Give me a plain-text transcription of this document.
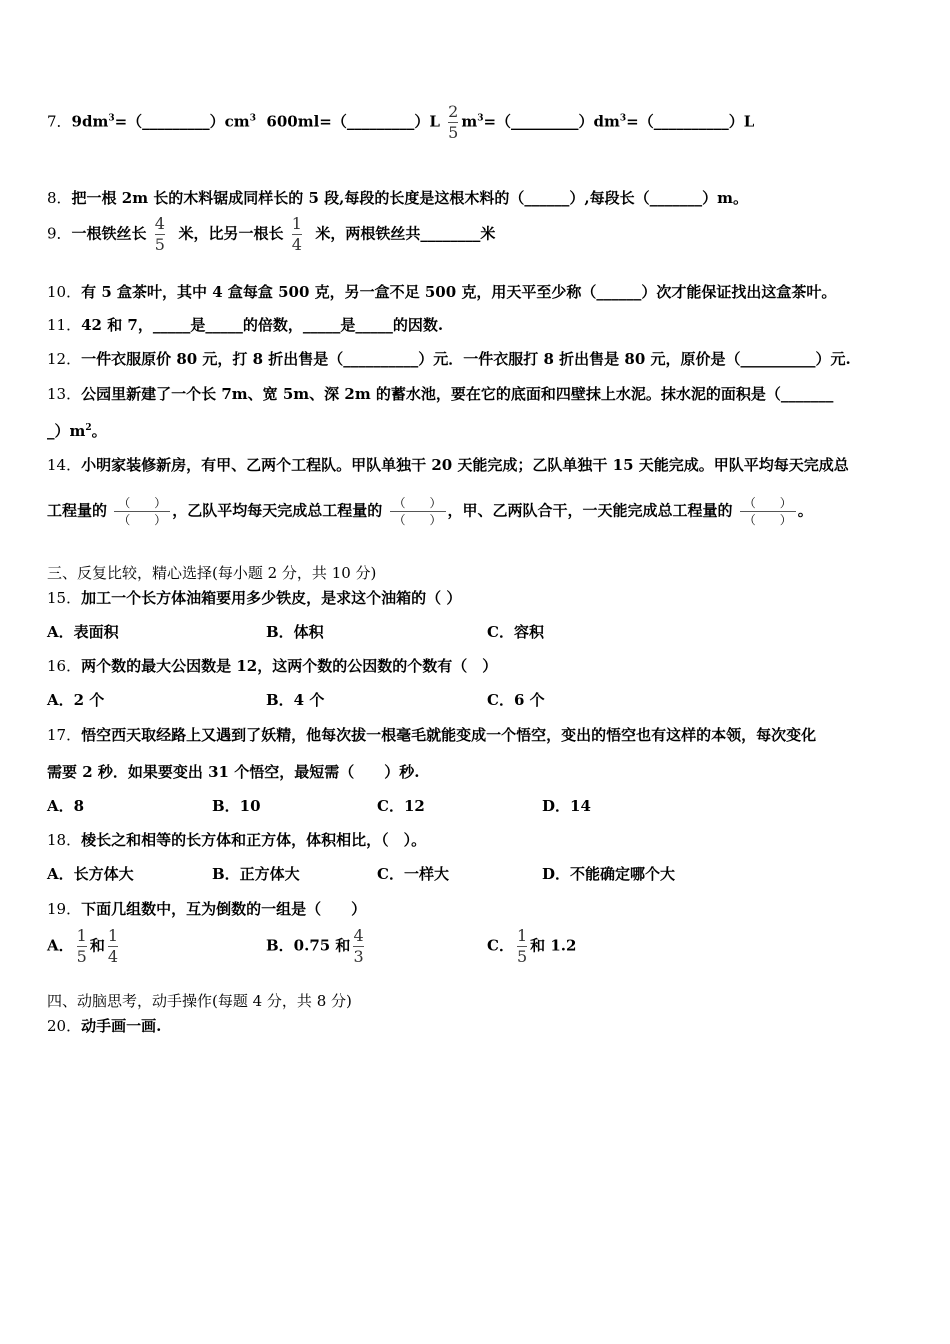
7．$9dm^3=(\_\_\_\_\_\_\_\_\_)cm^3$  600ml=（_________）L $\frac{2}{5}$ $m^3=(\_\_\_\_\_\_\_\_\_)dm^3=(\_\_\_\_\_\_\_\_\_\_)L$
8．把一根 2m 长的木料锯成同样长的 5 段,每段的长度是这根木料的（______）,每段长（_______）m。
9．一根铁丝长 $\frac{4}{5}$ 米，比另一根长 $\frac{1}{4}$ 米，两根铁丝共________米
10．有 5 盒茶叶，其中 4 盒每盒 500 克，另一盒不足 500 克，用天平至少称（______）次才能保证找出这盒茶叶。
11．42 和 7，_____是_____的倍数，_____是_____的因数.
12．一件衣服原价 80 元，打 8 折出售是（__________）元．一件衣服打 8 折出售是 80 元，原价是（__________）元.
13．公园里新建了一个长 7m、宽 5m、深 2m 的蓄水池，要在它的底面和四壁抹上水泥。抹水泥的面积是（_______
$\_)m^2$。
14．小明家装修新房，有甲、乙两个工程队。甲队单独干 20 天能完成；乙队单独干 15 天能完成。甲队平均每天完成总
工程量的 （　　）
（　　），乙队平均每天完成总工程量的 （　　）
（　　），甲、乙两队合干，一天能完成总工程量的 （　　）
（　　）。
三、反复比较，精心选择(每小题 2 分，共 10 分)
15．加工一个长方体油箱要用多少铁皮，是求这个油箱的（ ）
A．表面积	B．体积	C．容积
16．两个数的最大公因数是 12，这两个数的公因数的个数有（　）
A．2 个	B．4 个	C．6 个
17．悟空西天取经路上又遇到了妖精，他每次拔一根毫毛就能变成一个悟空，变出的悟空也有这样的本领，每次变化
需要 2 秒．如果要变出 31 个悟空，最短需（　　）秒.
A．8	B．10	C．12	D．14
18．棱长之和相等的长方体和正方体，体积相比，（　）。
A．长方体大	B．正方体大	C．一样大	D．不能确定哪个大
19．下面几组数中，互为倒数的一组是（　　）
A． $\frac{1}{5}$ 和 $\frac{1}{4}$	B．0.75 和 $\frac{4}{3}$	C． $\frac{1}{5}$ 和 1.2
四、动脑思考，动手操作(每题 4 分，共 8 分)
20．动手画一画.
